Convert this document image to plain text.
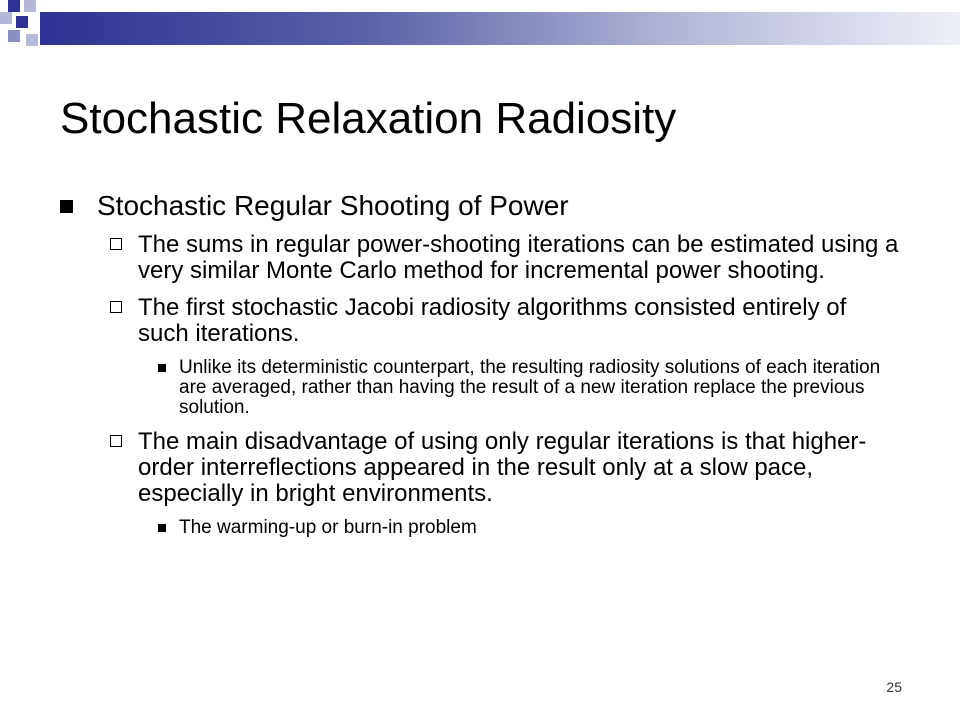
Stochastic Relaxation Radiosity
Stochastic Regular Shooting of Power
The sums in regular power-shooting iterations can be estimated using a very similar Monte Carlo method for incremental power shooting.
The first stochastic Jacobi radiosity algorithms consisted entirely of such iterations.
Unlike its deterministic counterpart, the resulting radiosity solutions of each iteration are averaged, rather than having the result of a new iteration replace the previous solution.
The main disadvantage of using only regular iterations is that higher-order interreflections appeared in the result only at a slow pace, especially in bright environments.
The warming-up or burn-in problem
25
